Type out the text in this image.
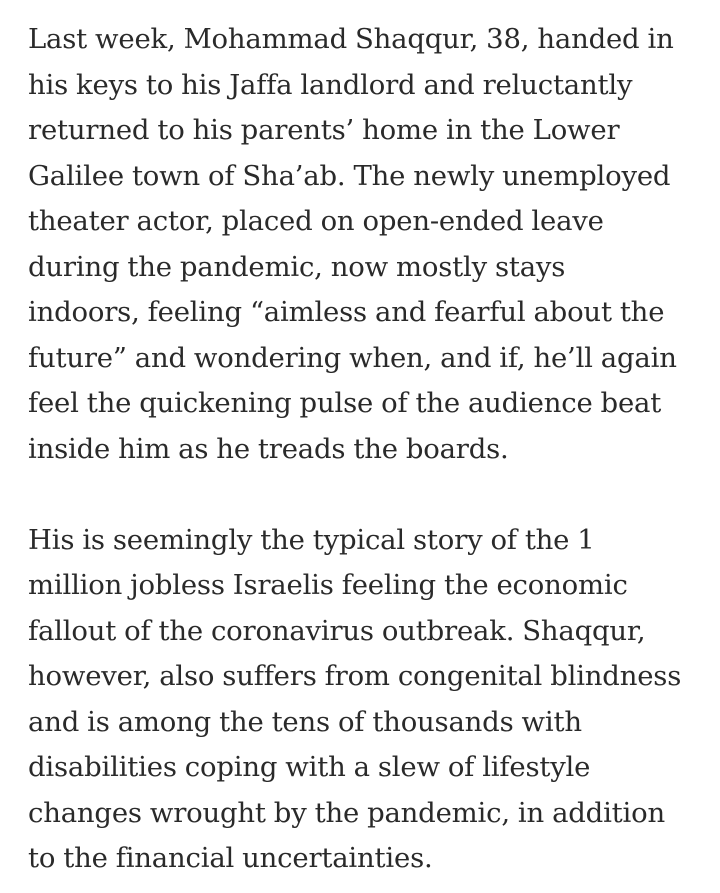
Last week, Mohammad Shaqqur, 38, handed in
his keys to his Jaffa landlord and reluctantly
returned to his parents’ home in the Lower
Galilee town of Sha’ab. The newly unemployed
theater actor, placed on open-ended leave
during the pandemic, now mostly stays
indoors, feeling “aimless and fearful about the
future” and wondering when, and if, he’ll again
feel the quickening pulse of the audience beat
inside him as he treads the boards.

His is seemingly the typical story of the 1
million jobless Israelis feeling the economic
fallout of the coronavirus outbreak. Shaqqur,
however, also suffers from congenital blindness
and is among the tens of thousands with
disabilities coping with a slew of lifestyle
changes wrought by the pandemic, in addition
to the financial uncertainties.
